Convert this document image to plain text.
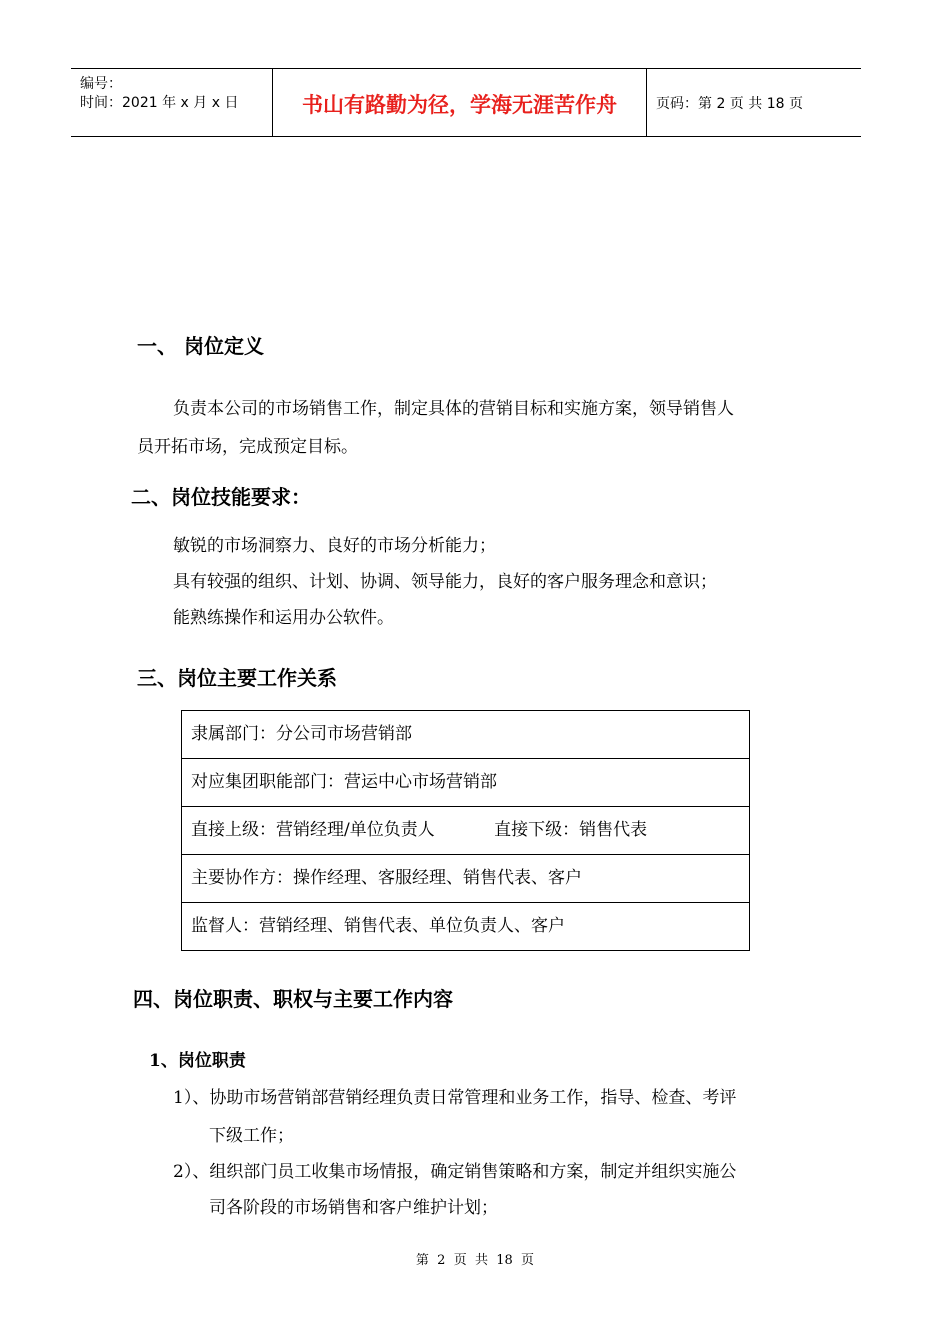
编号：
时间：2021 年 x 月 x 日	书山有路勤为径，学海无涯苦作舟	页码：第 2 页 共 18 页
一、 岗位定义
负责本公司的市场销售工作，制定具体的营销目标和实施方案，领导销售人
员开拓市场，完成预定目标。
二、岗位技能要求：
敏锐的市场洞察力、良好的市场分析能力；
具有较强的组织、计划、协调、领导能力，良好的客户服务理念和意识；
能熟练操作和运用办公软件。
三、岗位主要工作关系
隶属部门：分公司市场营销部
对应集团职能部门：营运中心市场营销部
直接上级：营销经理/单位负责人           直接下级：销售代表
主要协作方：操作经理、客服经理、销售代表、客户
监督人：营销经理、销售代表、单位负责人、客户
四、岗位职责、职权与主要工作内容
1、岗位职责
1）、协助市场营销部营销经理负责日常管理和业务工作，指导、检查、考评
下级工作；
2）、组织部门员工收集市场情报，确定销售策略和方案，制定并组织实施公
司各阶段的市场销售和客户维护计划；
第  2  页  共  18  页
